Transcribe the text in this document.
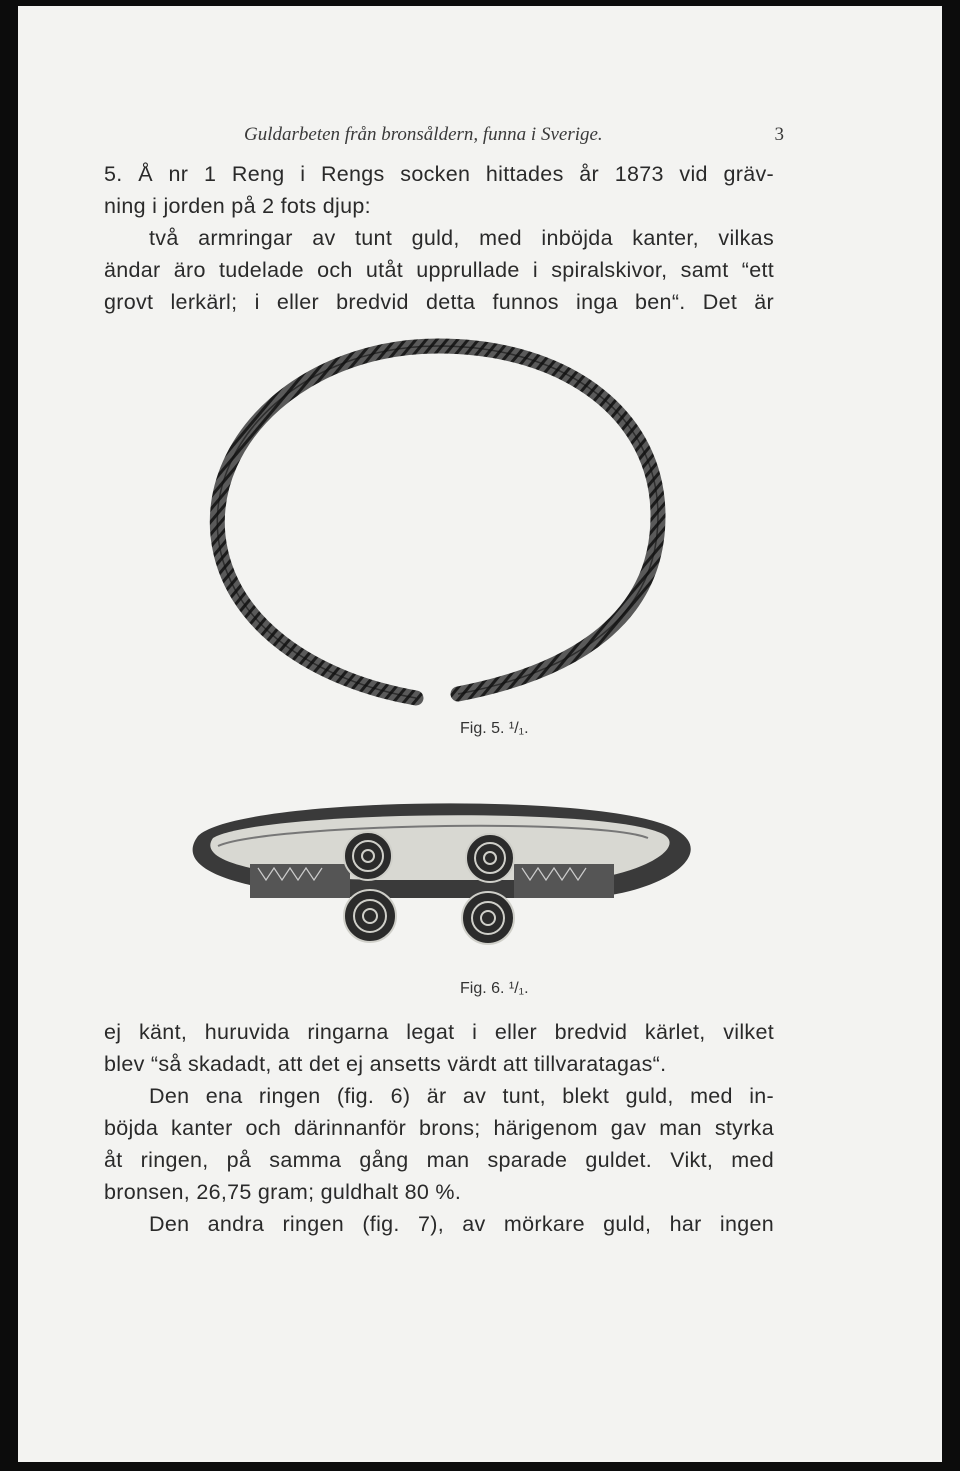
Guldarbeten från bronsåldern, funna i Sverige.	3
5. Å nr 1 Reng i Rengs socken hittades år 1873 vid gräv-
ning i jorden på 2 fots djup:
två armringar av tunt guld, med inböjda kanter, vilkas
ändar äro tudelade och utåt upprullade i spiralskivor, samt “ett
grovt lerkärl; i eller bredvid detta funnos inga ben“. Det är
Fig. 5. ¹/₁.
Fig. 6. ¹/₁.
ej känt, huruvida ringarna legat i eller bredvid kärlet, vilket
blev “så skadadt, att det ej ansetts värdt att tillvaratagas“.
Den ena ringen (fig. 6) är av tunt, blekt guld, med in-
böjda kanter och därinnanför brons; härigenom gav man styrka
åt ringen, på samma gång man sparade guldet. Vikt, med
bronsen, 26,75 gram; guldhalt 80 %.
Den andra ringen (fig. 7), av mörkare guld, har ingen
